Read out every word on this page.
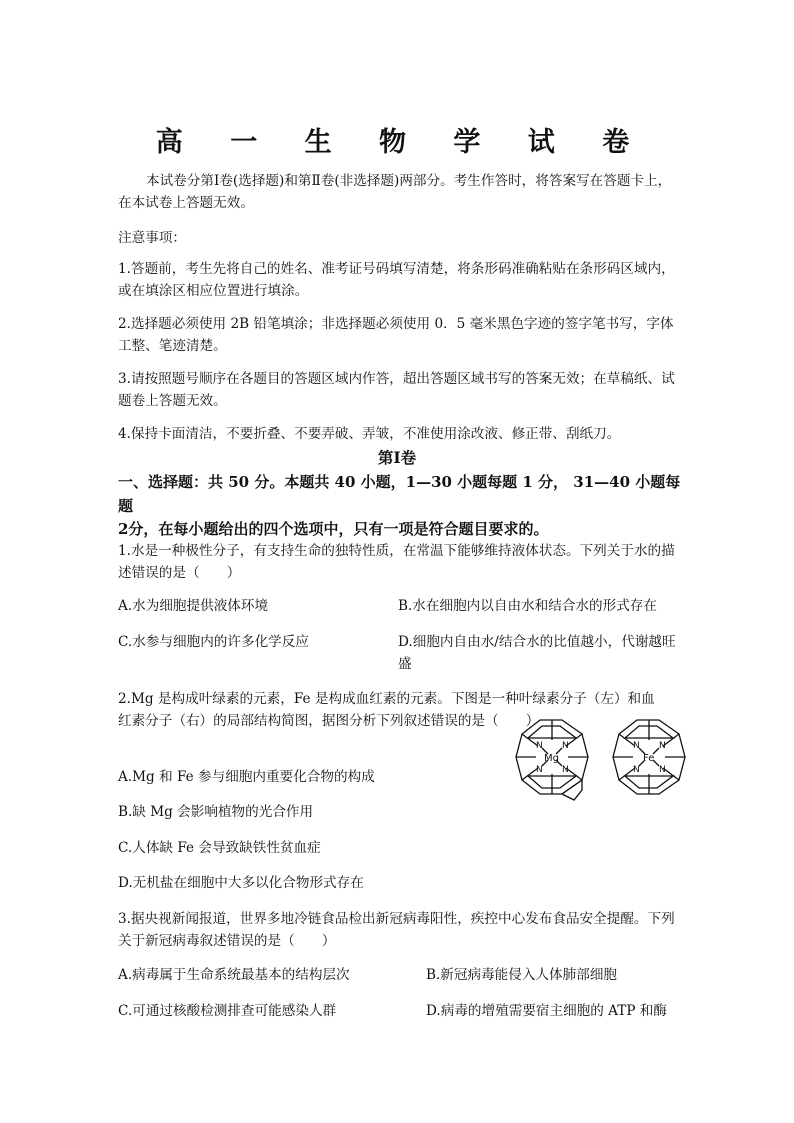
高 一 生 物 学 试 卷
本试卷分第Ⅰ卷(选择题)和第Ⅱ卷(非选择题)两部分。考生作答时，将答案写在答题卡上，在本试卷上答题无效。
注意事项：
1.答题前，考生先将自己的姓名、准考证号码填写清楚，将条形码准确粘贴在条形码区域内，或在填涂区相应位置进行填涂。
2.选择题必须使用 2B 铅笔填涂；非选择题必须使用 0．5 毫米黑色字迹的签字笔书写，字体工整、笔迹清楚。
3.请按照题号顺序在各题目的答题区域内作答，超出答题区域书写的答案无效；在草稿纸、试题卷上答题无效。
4.保持卡面清洁，不要折叠、不要弄破、弄皱，不准使用涂改液、修正带、刮纸刀。
第Ⅰ卷
一、选择题：共 50 分。本题共 40 小题，1—30 小题每题 1 分， 31—40 小题每题
2分，在每小题给出的四个选项中，只有一项是符合题目要求的。
1.水是一种极性分子，有支持生命的独特性质，在常温下能够维持液体状态。下列关于水的描述错误的是（　　）
A.水为细胞提供液体环境	B.水在细胞内以自由水和结合水的形式存在
C.水参与细胞内的许多化学反应	D.细胞内自由水/结合水的比值越小，代谢越旺盛
2.Mg 是构成叶绿素的元素，Fe 是构成血红素的元素。下图是一种叶绿素分子（左）和血红素分子（右）的局部结构简图，据图分析下列叙述错误的是（　　）
N N
N N
Mg
N N
N N
Fe
A.Mg 和 Fe 参与细胞内重要化合物的构成
B.缺 Mg 会影响植物的光合作用
C.人体缺 Fe 会导致缺铁性贫血症
D.无机盐在细胞中大多以化合物形式存在
3.据央视新闻报道，世界多地冷链食品检出新冠病毒阳性，疾控中心发布食品安全提醒。下列关于新冠病毒叙述错误的是（　　）
A.病毒属于生命系统最基本的结构层次	B.新冠病毒能侵入人体肺部细胞
C.可通过核酸检测排查可能感染人群	D.病毒的增殖需要宿主细胞的 ATP 和酶
